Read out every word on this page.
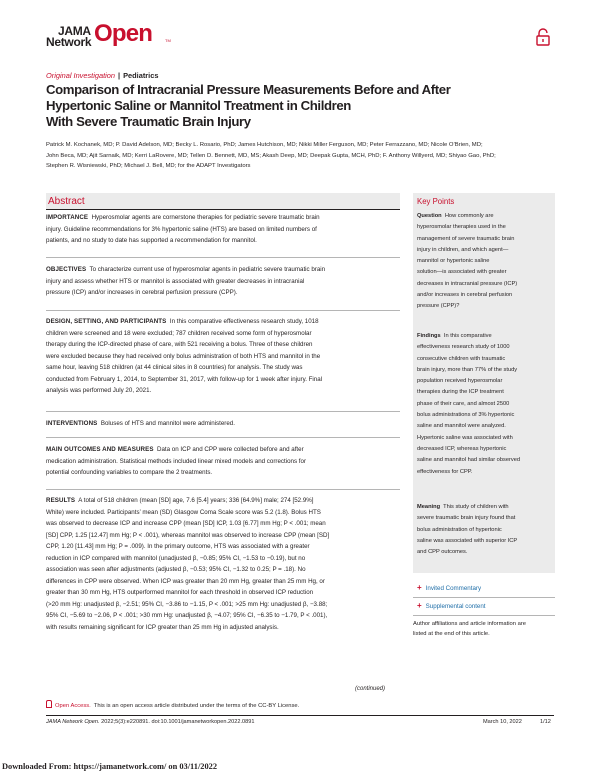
JAMA
Network Open	TM
Original Investigation | Pediatrics
Comparison of Intracranial Pressure Measurements Before and After
Hypertonic Saline or Mannitol Treatment in Children
With Severe Traumatic Brain Injury
Patrick M. Kochanek, MD; P. David Adelson, MD; Becky L. Rosario, PhD; James Hutchison, MD; Nikki Miller Ferguson, MD; Peter Ferrazzano, MD; Nicole O’Brien, MD;
John Beca, MD; Ajit Sarnaik, MD; Kerri LaRovere, MD; Tellen D. Bennett, MD, MS; Akash Deep, MD; Deepak Gupta, MCH, PhD; F. Anthony Willyerd, MD; Shiyao Gao, PhD;
Stephen R. Wisniewski, PhD; Michael J. Bell, MD; for the ADAPT Investigators
Abstract
IMPORTANCE Hyperosmolar agents are cornerstone therapies for pediatric severe traumatic brain
injury. Guideline recommendations for 3% hypertonic saline (HTS) are based on limited numbers of
patients, and no study to date has supported a recommendation for mannitol.
OBJECTIVES To characterize current use of hyperosmolar agents in pediatric severe traumatic brain
injury and assess whether HTS or mannitol is associated with greater decreases in intracranial
pressure (ICP) and/or increases in cerebral perfusion pressure (CPP).
DESIGN, SETTING, AND PARTICIPANTS In this comparative effectiveness research study, 1018
children were screened and 18 were excluded; 787 children received some form of hyperosmolar
therapy during the ICP-directed phase of care, with 521 receiving a bolus. Three of these children
were excluded because they had received only bolus administration of both HTS and mannitol in the
same hour, leaving 518 children (at 44 clinical sites in 8 countries) for analysis. The study was
conducted from February 1, 2014, to September 31, 2017, with follow-up for 1 week after injury. Final
analysis was performed July 20, 2021.
INTERVENTIONS Boluses of HTS and mannitol were administered.
MAIN OUTCOMES AND MEASURES Data on ICP and CPP were collected before and after
medication administration. Statistical methods included linear mixed models and corrections for
potential confounding variables to compare the 2 treatments.
RESULTS A total of 518 children (mean [SD] age, 7.6 [5.4] years; 336 [64.9%] male; 274 [52.9%]
White) were included. Participants’ mean (SD) Glasgow Coma Scale score was 5.2 (1.8). Bolus HTS
was observed to decrease ICP and increase CPP (mean [SD] ICP, 1.03 [6.77] mm Hg; P < .001; mean
[SD] CPP, 1.25 [12.47] mm Hg; P < .001), whereas mannitol was observed to increase CPP (mean [SD]
CPP, 1.20 [11.43] mm Hg; P = .009). In the primary outcome, HTS was associated with a greater
reduction in ICP compared with mannitol (unadjusted β, −0.85; 95% CI, −1.53 to −0.19), but no
association was seen after adjustments (adjusted β, −0.53; 95% CI, −1.32 to 0.25; P = .18). No
differences in CPP were observed. When ICP was greater than 20 mm Hg, greater than 25 mm Hg, or
greater than 30 mm Hg, HTS outperformed mannitol for each threshold in observed ICP reduction
(>20 mm Hg: unadjusted β, −2.51; 95% CI, −3.86 to −1.15, P < .001; >25 mm Hg: unadjusted β, −3.88;
95% CI, −5.69 to −2.06, P < .001; >30 mm Hg: unadjusted β, −4.07; 95% CI, −6.35 to −1.79, P < .001),
with results remaining significant for ICP greater than 25 mm Hg in adjusted analysis.
(continued)
Key Points
Question How commonly are
hyperosmolar therapies used in the
management of severe traumatic brain
injury in children, and which agent—
mannitol or hypertonic saline
solution—is associated with greater
decreases in intracranial pressure (ICP)
and/or increases in cerebral perfusion
pressure (CPP)?
Findings In this comparative
effectiveness research study of 1000
consecutive children with traumatic
brain injury, more than 77% of the study
population received hyperosmolar
therapies during the ICP treatment
phase of their care, and almost 2500
bolus administrations of 3% hypertonic
saline and mannitol were analyzed.
Hypertonic saline was associated with
decreased ICP, whereas hypertonic
saline and mannitol had similar observed
effectiveness for CPP.
Meaning This study of children with
severe traumatic brain injury found that
bolus administration of hypertonic
saline was associated with superior ICP
and CPP outcomes.
+ Invited Commentary
+ Supplemental content
Author affiliations and article information are
listed at the end of this article.
Open Access. This is an open access article distributed under the terms of the CC-BY License.
JAMA Network Open. 2022;5(3):e220891. doi:10.1001/jamanetworkopen.2022.0891	March 10, 2022	1/12
Downloaded From: https://jamanetwork.com/ on 03/11/2022
